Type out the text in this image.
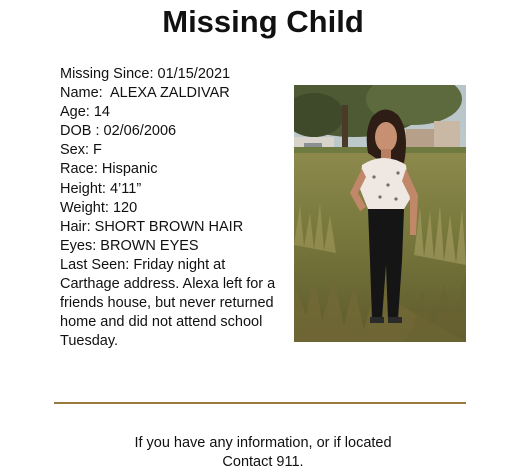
Missing Child
Missing Since: 01/15/2021
Name:  ALEXA ZALDIVAR
Age: 14
DOB : 02/06/2006
Sex: F
Race: Hispanic
Height: 4’11”
Weight: 120
Hair: SHORT BROWN HAIR
Eyes: BROWN EYES
Last Seen: Friday night at Carthage address. Alexa left for a friends house, but never returned home and did not attend school Tuesday.
If you have any information, or if located
Contact 911.
